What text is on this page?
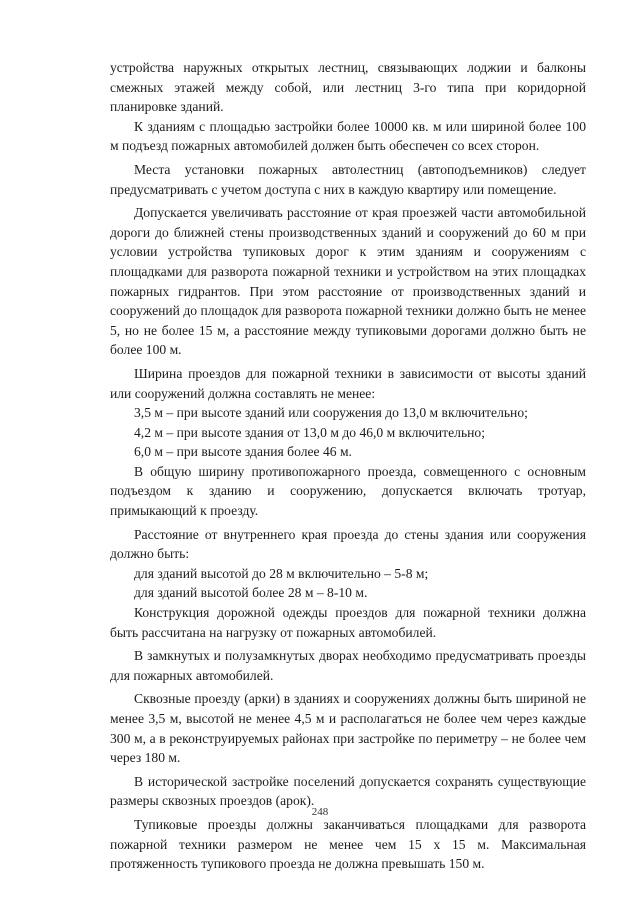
устройства наружных открытых лестниц, связывающих лоджии и балконы смежных этажей между собой, или лестниц 3-го типа при коридорной планировке зданий.

К зданиям с площадью застройки более 10000 кв. м или шириной более 100 м подъезд пожарных автомобилей должен быть обеспечен со всех сторон.

Места установки пожарных автолестниц (автоподъемников) следует предусматривать с учетом доступа с них в каждую квартиру или помещение.

Допускается увеличивать расстояние от края проезжей части автомобильной дороги до ближней стены производственных зданий и сооружений до 60 м при условии устройства тупиковых дорог к этим зданиям и сооружениям с площадками для разворота пожарной техники и устройством на этих площадках пожарных гидрантов. При этом расстояние от производственных зданий и сооружений до площадок для разворота пожарной техники должно быть не менее 5, но не более 15 м, а расстояние между тупиковыми дорогами должно быть не более 100 м.

Ширина проездов для пожарной техники в зависимости от высоты зданий или сооружений должна составлять не менее:

3,5 м – при высоте зданий или сооружения до 13,0 м включительно;

4,2 м – при высоте здания от 13,0 м до 46,0 м включительно;

6,0 м – при высоте здания более 46 м.

В общую ширину противопожарного проезда, совмещенного с основным подъездом к зданию и сооружению, допускается включать тротуар, примыкающий к проезду.

Расстояние от внутреннего края проезда до стены здания или сооружения должно быть:

для зданий высотой до 28 м включительно – 5-8 м;

для зданий высотой более 28 м – 8-10 м.

Конструкция дорожной одежды проездов для пожарной техники должна быть рассчитана на нагрузку от пожарных автомобилей.

В замкнутых и полузамкнутых дворах необходимо предусматривать проезды для пожарных автомобилей.

Сквозные проезду (арки) в зданиях и сооружениях должны быть шириной не менее 3,5 м, высотой не менее 4,5 м и располагаться не более чем через каждые 300 м, а в реконструируемых районах при застройке по периметру – не более чем через 180 м.

В исторической застройке поселений допускается сохранять существующие размеры сквозных проездов (арок).

Тупиковые проезды должны заканчиваться площадками для разворота пожарной техники размером не менее чем 15 х 15 м. Максимальная протяженность тупикового проезда не должна превышать 150 м.

248
